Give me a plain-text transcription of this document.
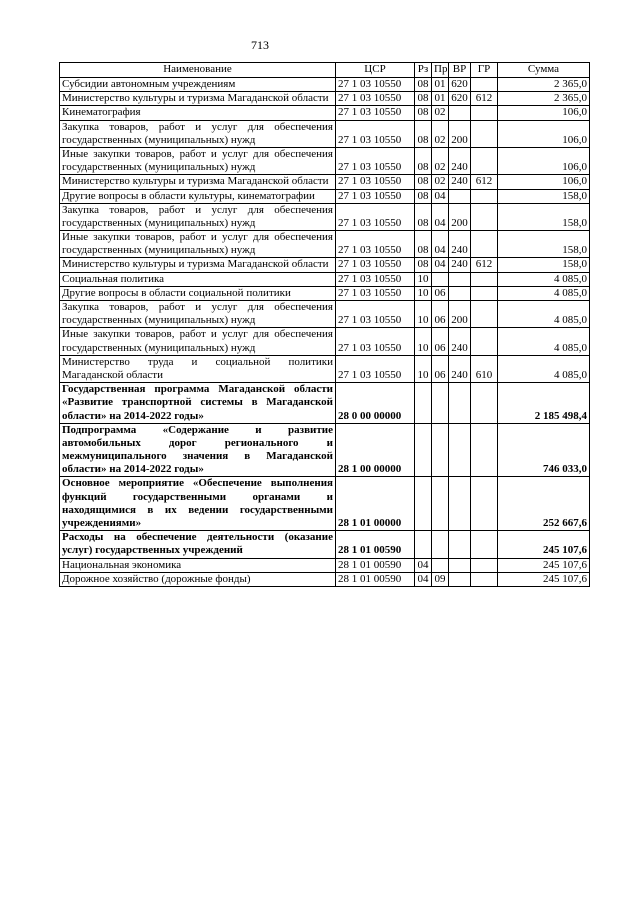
713
Наименование	ЦСР	Рз	Пр	ВР	ГР	Сумма
Субсидии автономным учреждениям	27 1 03 10550	08	01	620		2 365,0
Министерство культуры и туризма Магаданской области	27 1 03 10550	08	01	620	612	2 365,0
Кинематография	27 1 03 10550	08	02			106,0
Закупка товаров, работ и услуг для обеспечения государственных (муниципальных) нужд	27 1 03 10550	08	02	200		106,0
Иные закупки товаров, работ и услуг для обеспечения государственных (муниципальных) нужд	27 1 03 10550	08	02	240		106,0
Министерство культуры и туризма Магаданской области	27 1 03 10550	08	02	240	612	106,0
Другие вопросы в области культуры, кинематографии	27 1 03 10550	08	04			158,0
Закупка товаров, работ и услуг для обеспечения государственных (муниципальных) нужд	27 1 03 10550	08	04	200		158,0
Иные закупки товаров, работ и услуг для обеспечения государственных (муниципальных) нужд	27 1 03 10550	08	04	240		158,0
Министерство культуры и туризма Магаданской области	27 1 03 10550	08	04	240	612	158,0
Социальная политика	27 1 03 10550	10				4 085,0
Другие вопросы в области социальной политики	27 1 03 10550	10	06			4 085,0
Закупка товаров, работ и услуг для обеспечения государственных (муниципальных) нужд	27 1 03 10550	10	06	200		4 085,0
Иные закупки товаров, работ и услуг для обеспечения государственных (муниципальных) нужд	27 1 03 10550	10	06	240		4 085,0
Министерство труда и социальной политики Магаданской области	27 1 03 10550	10	06	240	610	4 085,0
Государственная программа Магаданской области «Развитие транспортной системы в Магаданской области» на 2014-2022 годы»	28 0 00 00000					2 185 498,4
Подпрограмма «Содержание и развитие автомобильных дорог регионального и межмуниципального значения в Магаданской области» на 2014-2022 годы»	28 1 00 00000					746 033,0
Основное мероприятие «Обеспечение выполнения функций государственными органами и находящимися в их ведении государственными учреждениями»	28 1 01 00000					252 667,6
Расходы на обеспечение деятельности (оказание услуг) государственных учреждений	28 1 01 00590					245 107,6
Национальная экономика	28 1 01 00590	04				245 107,6
Дорожное хозяйство (дорожные фонды)	28 1 01 00590	04	09			245 107,6
